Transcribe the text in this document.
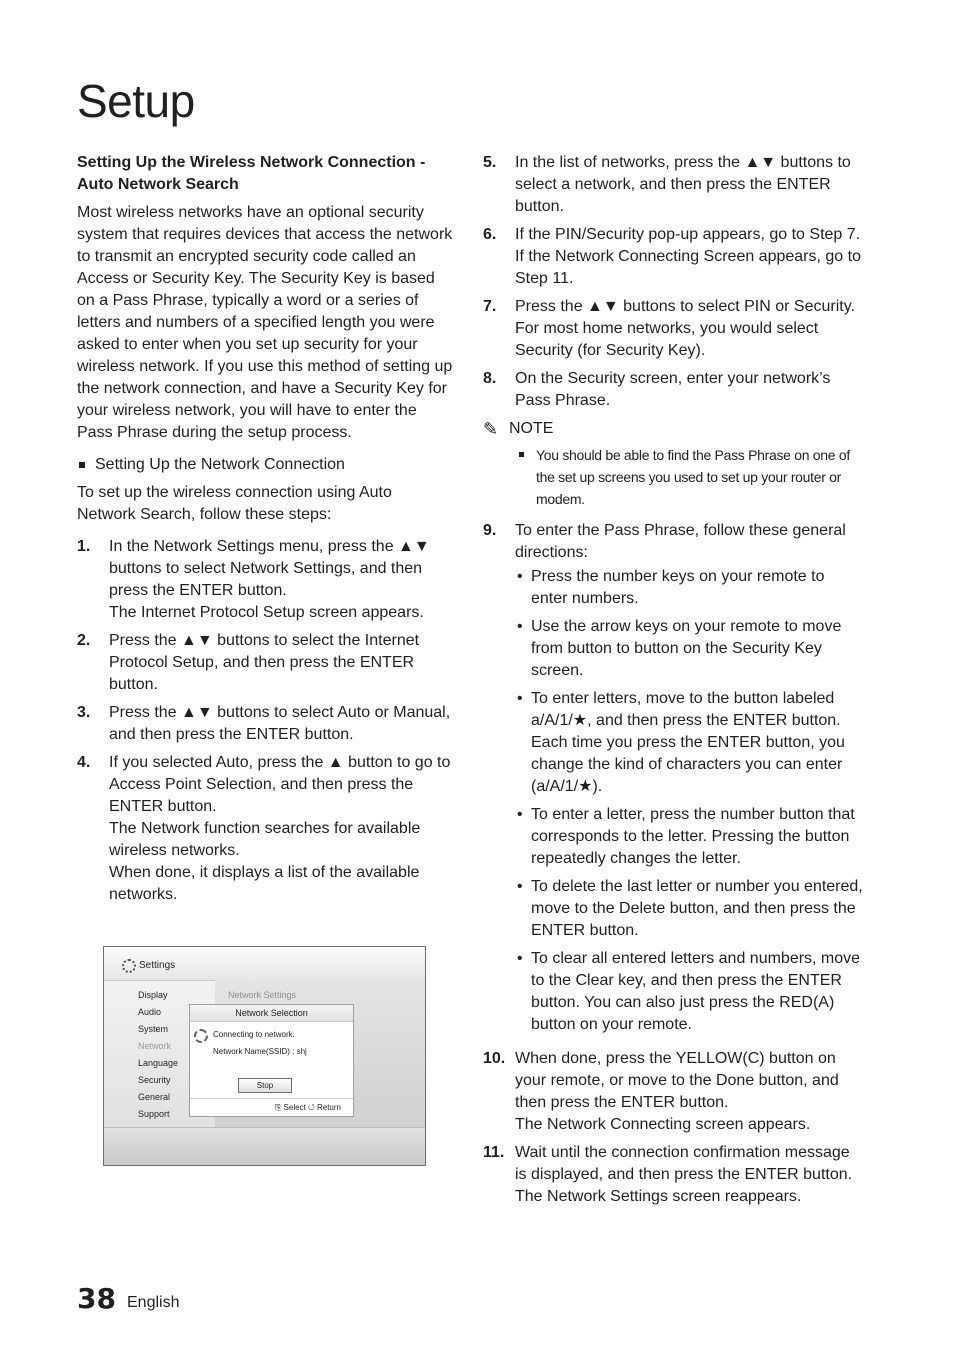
Setup
Setting Up the Wireless Network Connection - Auto Network Search
Most wireless networks have an optional security system that requires devices that access the network to transmit an encrypted security code called an Access or Security Key. The Security Key is based on a Pass Phrase, typically a word or a series of letters and numbers of a specified length you were asked to enter when you set up security for your wireless network. If you use this method of setting up the network connection, and have a Security Key for your wireless network, you will have to enter the Pass Phrase during the setup process.
Setting Up the Network Connection
To set up the wireless connection using Auto Network Search, follow these steps:
1.	In the Network Settings menu, press the ▲▼ buttons to select Network Settings, and then press the ENTER button.

The Internet Protocol Setup screen appears.

2.	Press the ▲▼ buttons to select the Internet Protocol Setup, and then press the ENTER button.

3.	Press the ▲▼ buttons to select Auto or Manual, and then press the ENTER button.

4.	If you selected Auto, press the ▲ button to go to Access Point Selection, and then press the ENTER button.

The Network function searches for available wireless networks.

When done, it displays a list of the available networks.

Settings
Display
Audio
System
Network
Language
Security
General
Support
Network Settings
Network Selection
Connecting to network.
Network Name(SSID) : shj
Stop
⎘ Select ↺ Return
5.	In the list of networks, press the ▲▼ buttons to select a network, and then press the ENTER button.

6.	If the PIN/Security pop-up appears, go to Step 7. If the Network Connecting Screen appears, go to Step 11.

7.	Press the ▲▼ buttons to select PIN or Security.

For most home networks, you would select Security (for Security Key).

8.	On the Security screen, enter your network’s Pass Phrase.

✎ NOTE
You should be able to find the Pass Phrase on one of the set up screens you used to set up your router or modem.
9.	To enter the Pass Phrase, follow these general directions:

• Press the number keys on your remote to enter numbers.
• Use the arrow keys on your remote to move from button to button on the Security Key screen.
• To enter letters, move to the button labeled a/A/1/★, and then press the ENTER button. Each time you press the ENTER button, you change the kind of characters you can enter (a/A/1/★).
• To enter a letter, press the number button that corresponds to the letter. Pressing the button repeatedly changes the letter.
• To delete the last letter or number you entered, move to the Delete button, and then press the ENTER button.
• To clear all entered letters and numbers, move to the Clear key, and then press the ENTER button. You can also just press the RED(A) button on your remote.
10. When done, press the YELLOW(C) button on your remote, or move to the Done button, and then press the ENTER button.

The Network Connecting screen appears.

11. Wait until the connection confirmation message is displayed, and then press the ENTER button. The Network Settings screen reappears.

38 English
